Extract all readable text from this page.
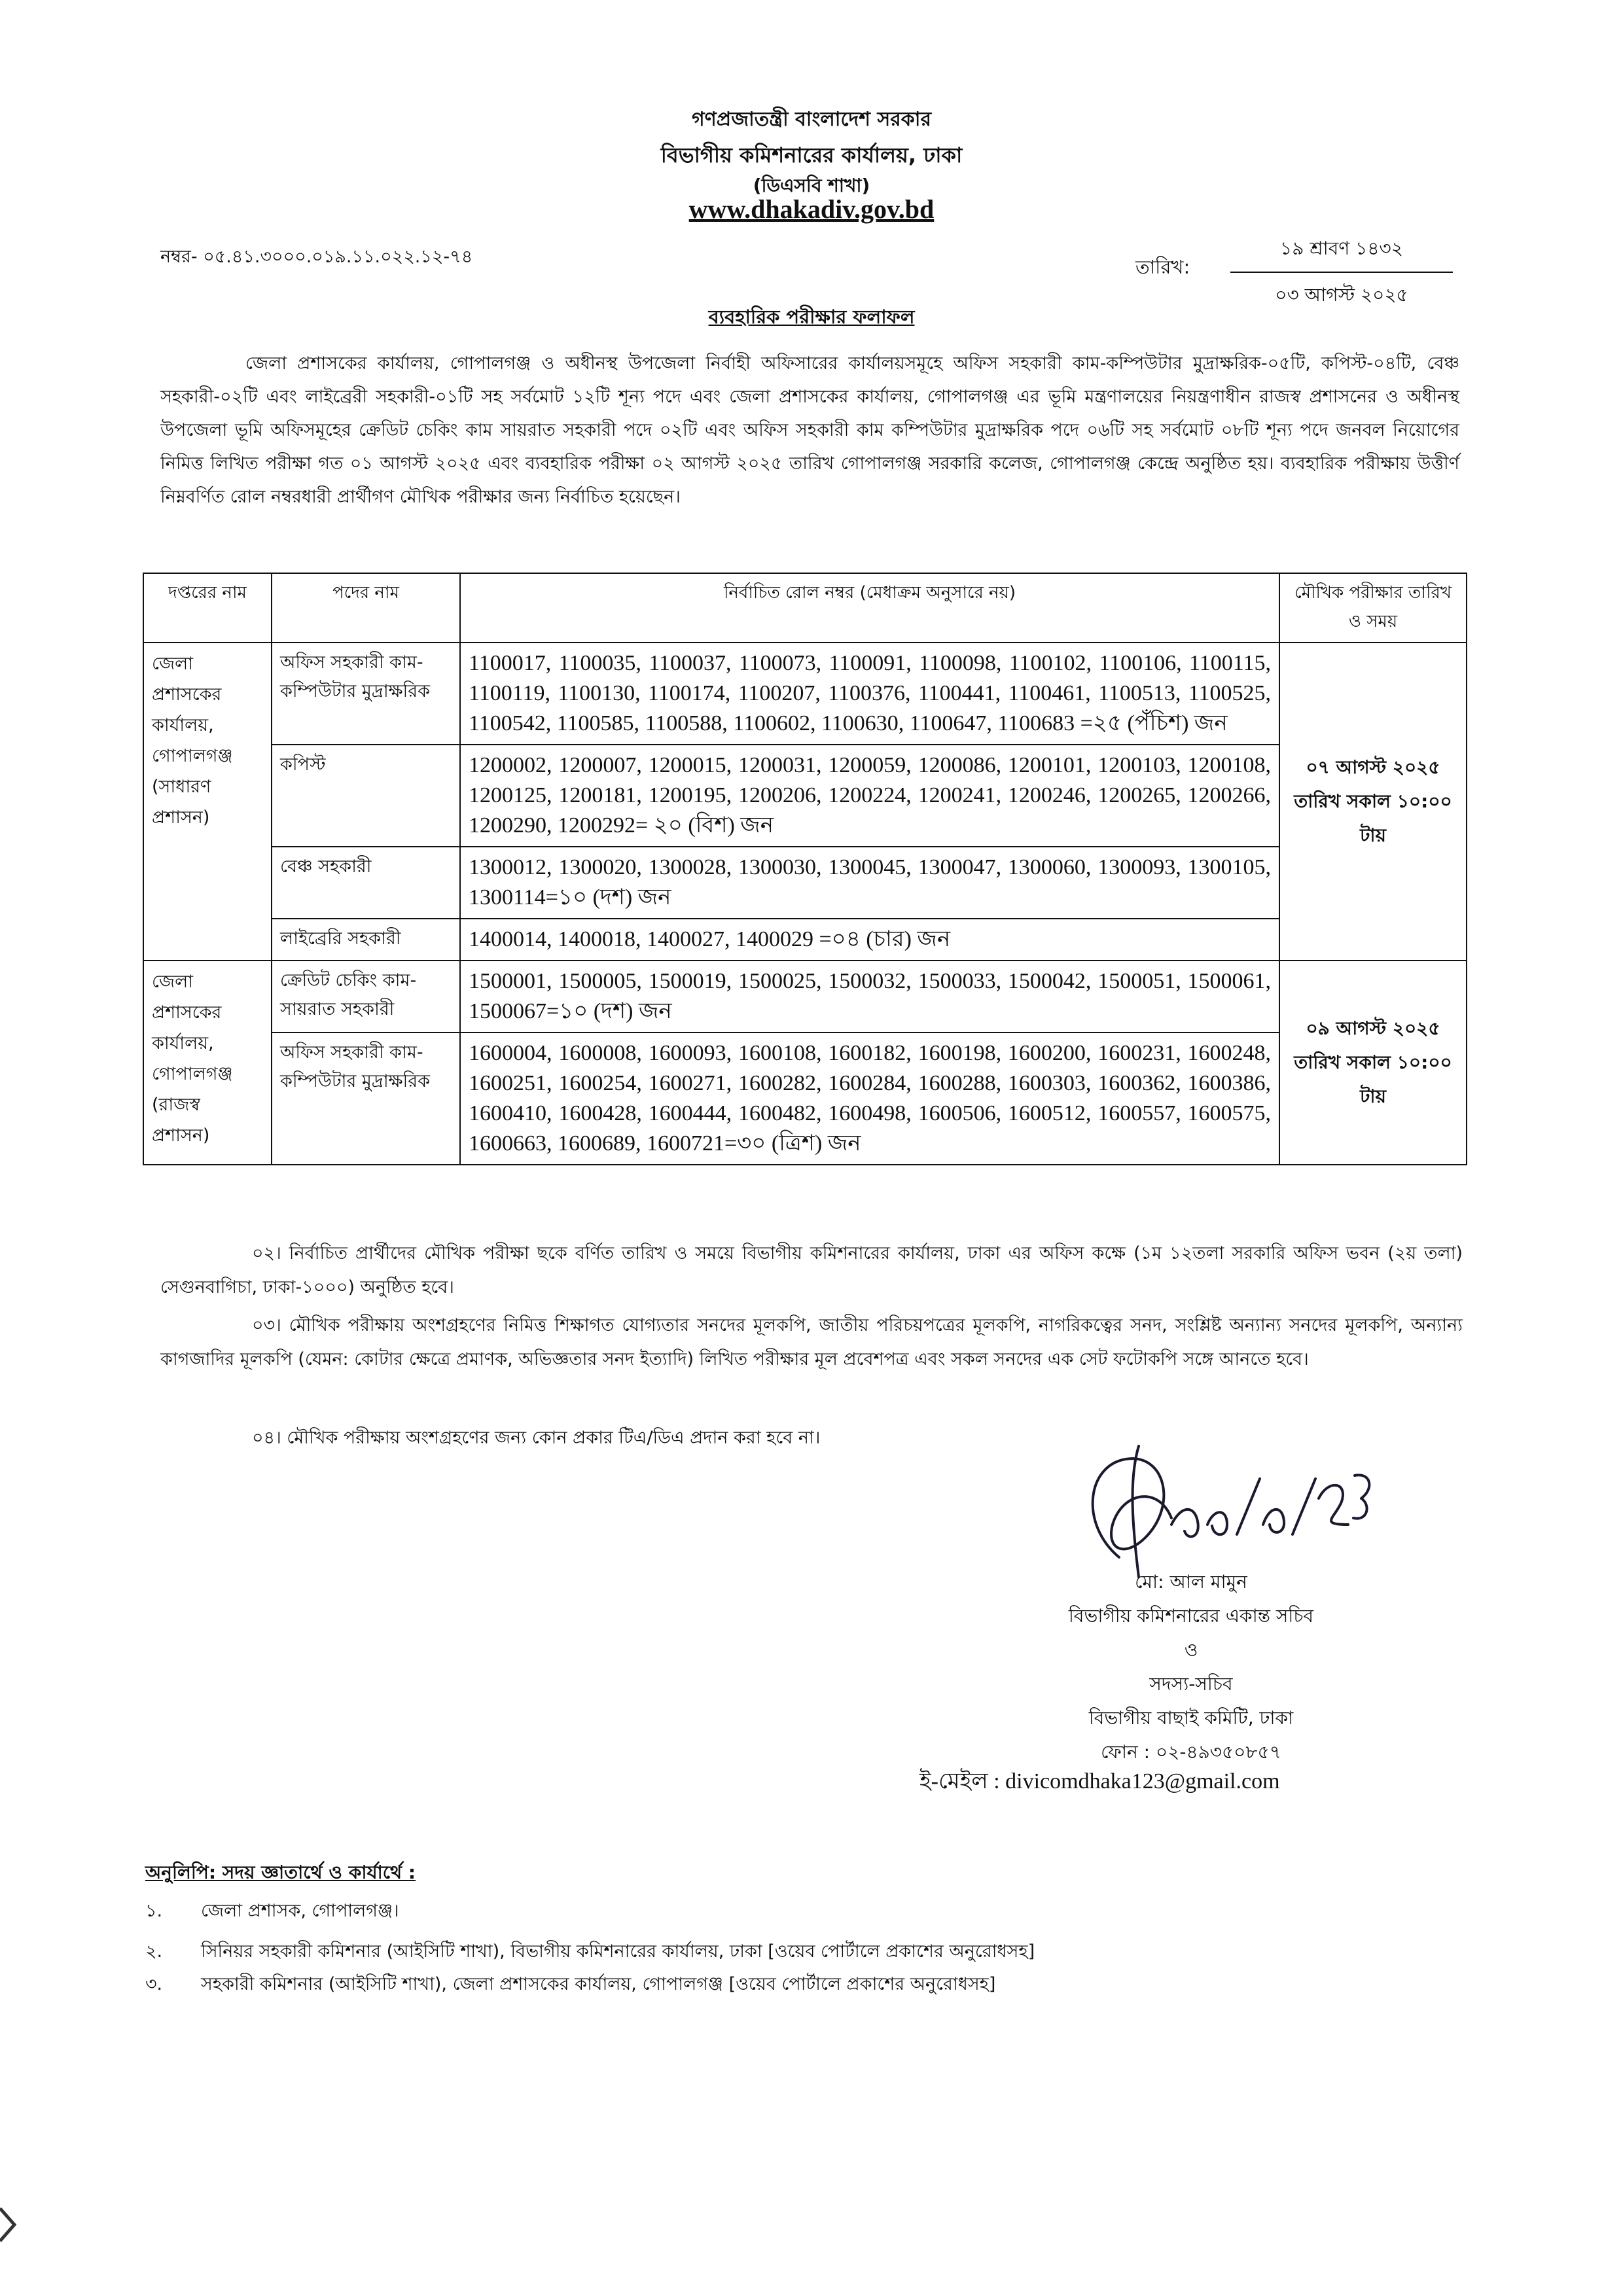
গণপ্রজাতন্ত্রী বাংলাদেশ সরকার
বিভাগীয় কমিশনারের কার্যালয়, ঢাকা
(ডিএসবি শাখা)
www.dhakadiv.gov.bd
নম্বর- ০৫.৪১.৩০০০.০১৯.১১.০২২.১২-৭৪	তারিখ:
১৯ শ্রাবণ ১৪৩২
০৩ আগস্ট ২০২৫
ব্যবহারিক পরীক্ষার ফলাফল
জেলা প্রশাসকের কার্যালয়, গোপালগঞ্জ ও অধীনস্থ উপজেলা নির্বাহী অফিসারের কার্যালয়সমূহে অফিস সহকারী কাম-কম্পিউটার মুদ্রাক্ষরিক-০৫টি, কপিস্ট-০৪টি, বেঞ্চ সহকারী-০২টি এবং লাইব্রেরী সহকারী-০১টি সহ সর্বমোট ১২টি শূন্য পদে এবং জেলা প্রশাসকের কার্যালয়, গোপালগঞ্জ এর ভূমি মন্ত্রণালয়ের নিয়ন্ত্রণাধীন রাজস্ব প্রশাসনের ও অধীনস্থ উপজেলা ভূমি অফিসমূহের ক্রেডিট চেকিং কাম সায়রাত সহকারী পদে ০২টি এবং অফিস সহকারী কাম কম্পিউটার মুদ্রাক্ষরিক পদে ০৬টি সহ সর্বমোট ০৮টি শূন্য পদে জনবল নিয়োগের নিমিত্ত লিখিত পরীক্ষা গত ০১ আগস্ট ২০২৫ এবং ব্যবহারিক পরীক্ষা ০২ আগস্ট ২০২৫ তারিখ গোপালগঞ্জ সরকারি কলেজ, গোপালগঞ্জ কেন্দ্রে অনুষ্ঠিত হয়। ব্যবহারিক পরীক্ষায় উত্তীর্ণ নিম্নবর্ণিত রোল নম্বরধারী প্রার্থীগণ মৌখিক পরীক্ষার জন্য নির্বাচিত হয়েছেন।
দপ্তরের নাম	পদের নাম	নির্বাচিত রোল নম্বর (মেধাক্রম অনুসারে নয়)	মৌখিক পরীক্ষার তারিখ ও সময়
জেলা প্রশাসকের কার্যালয়, গোপালগঞ্জ (সাধারণ প্রশাসন)	অফিস সহকারী কাম-কম্পিউটার মুদ্রাক্ষরিক	1100017, 1100035, 1100037, 1100073, 1100091, 1100098, 1100102, 1100106, 1100115, 1100119, 1100130, 1100174, 1100207, 1100376, 1100441, 1100461, 1100513, 1100525, 1100542, 1100585, 1100588, 1100602, 1100630, 1100647, 1100683 =২৫ (পঁচিশ) জন	০৭ আগস্ট ২০২৫ তারিখ সকাল ১০:০০ টায়
	কপিস্ট	1200002, 1200007, 1200015, 1200031, 1200059, 1200086, 1200101, 1200103, 1200108, 1200125, 1200181, 1200195, 1200206, 1200224, 1200241, 1200246, 1200265, 1200266, 1200290, 1200292= ২০ (বিশ) জন	
	বেঞ্চ সহকারী	1300012, 1300020, 1300028, 1300030, 1300045, 1300047, 1300060, 1300093, 1300105, 1300114=১০ (দশ) জন	
	লাইব্রেরি সহকারী	1400014, 1400018, 1400027, 1400029 =০৪ (চার) জন	
জেলা প্রশাসকের কার্যালয়, গোপালগঞ্জ (রাজস্ব প্রশাসন)	ক্রেডিট চেকিং কাম-সায়রাত সহকারী	1500001, 1500005, 1500019, 1500025, 1500032, 1500033, 1500042, 1500051, 1500061, 1500067=১০ (দশ) জন	০৯ আগস্ট ২০২৫ তারিখ সকাল ১০:০০ টায়
	অফিস সহকারী কাম-কম্পিউটার মুদ্রাক্ষরিক	1600004, 1600008, 1600093, 1600108, 1600182, 1600198, 1600200, 1600231, 1600248, 1600251, 1600254, 1600271, 1600282, 1600284, 1600288, 1600303, 1600362, 1600386, 1600410, 1600428, 1600444, 1600482, 1600498, 1600506, 1600512, 1600557, 1600575, 1600663, 1600689, 1600721=৩০ (ত্রিশ) জন	
০২। নির্বাচিত প্রার্থীদের মৌখিক পরীক্ষা ছকে বর্ণিত তারিখ ও সময়ে বিভাগীয় কমিশনারের কার্যালয়, ঢাকা এর অফিস কক্ষে (১ম ১২তলা সরকারি অফিস ভবন (২য় তলা) সেগুনবাগিচা, ঢাকা-১০০০) অনুষ্ঠিত হবে।
০৩। মৌখিক পরীক্ষায় অংশগ্রহণের নিমিত্ত শিক্ষাগত যোগ্যতার সনদের মূলকপি, জাতীয় পরিচয়পত্রের মূলকপি, নাগরিকত্বের সনদ, সংশ্লিষ্ট অন্যান্য সনদের মূলকপি, অন্যান্য কাগজাদির মূলকপি (যেমন: কোটার ক্ষেত্রে প্রমাণক, অভিজ্ঞতার সনদ ইত্যাদি) লিখিত পরীক্ষার মূল প্রবেশপত্র এবং সকল সনদের এক সেট ফটোকপি সঙ্গে আনতে হবে।
০৪। মৌখিক পরীক্ষায় অংশগ্রহণের জন্য কোন প্রকার টিএ/ডিএ প্রদান করা হবে না।
মো: আল মামুন
বিভাগীয় কমিশনারের একান্ত সচিব
ও
সদস্য-সচিব
বিভাগীয় বাছাই কমিটি, ঢাকা
ফোন : ০২-৪৯৩৫০৮৫৭
ই-মেইল : divicomdhaka123@gmail.com
অনুলিপি: সদয় জ্ঞাতার্থে ও কার্যার্থে :
১. জেলা প্রশাসক, গোপালগঞ্জ।
২. সিনিয়র সহকারী কমিশনার (আইসিটি শাখা), বিভাগীয় কমিশনারের কার্যালয়, ঢাকা [ওয়েব পোর্টালে প্রকাশের অনুরোধসহ]
৩. সহকারী কমিশনার (আইসিটি শাখা), জেলা প্রশাসকের কার্যালয়, গোপালগঞ্জ [ওয়েব পোর্টালে প্রকাশের অনুরোধসহ]
